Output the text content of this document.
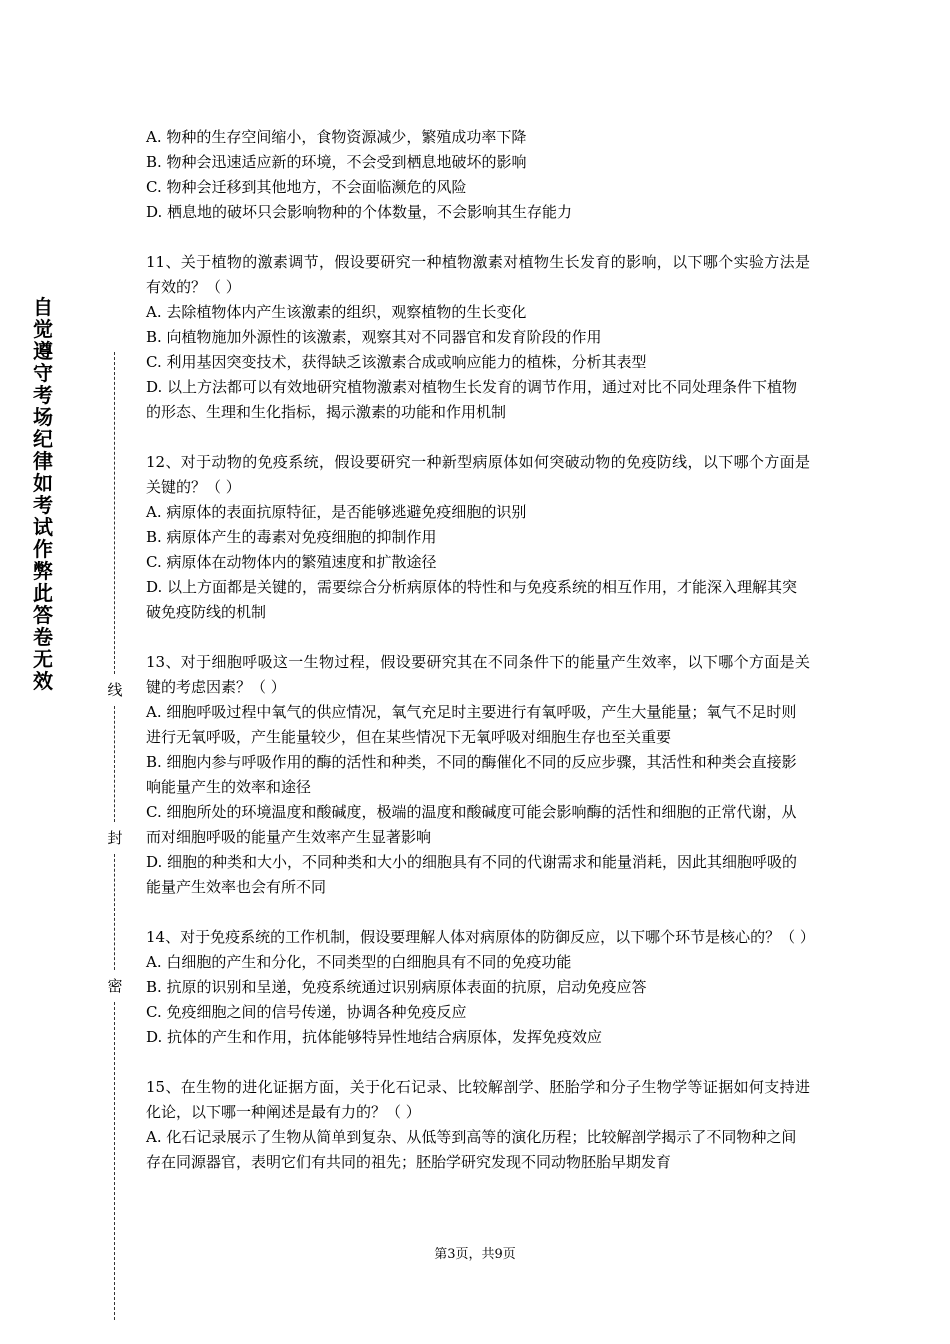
自觉遵守考场纪律如考试作弊此答卷无效	线
封
密

A. 物种的生存空间缩小，食物资源减少，繁殖成功率下降

B. 物种会迅速适应新的环境，不会受到栖息地破坏的影响

C. 物种会迁移到其他地方，不会面临濒危的风险

D. 栖息地的破坏只会影响物种的个体数量，不会影响其生存能力

11、关于植物的激素调节，假设要研究一种植物激素对植物生长发育的影响，以下哪个实验方法是有效的？（ ）

A. 去除植物体内产生该激素的组织，观察植物的生长变化

B. 向植物施加外源性的该激素，观察其对不同器官和发育阶段的作用

C. 利用基因突变技术，获得缺乏该激素合成或响应能力的植株，分析其表型

D. 以上方法都可以有效地研究植物激素对植物生长发育的调节作用，通过对比不同处理条件下植物的形态、生理和生化指标，揭示激素的功能和作用机制

12、对于动物的免疫系统，假设要研究一种新型病原体如何突破动物的免疫防线，以下哪个方面是关键的？（ ）

A. 病原体的表面抗原特征，是否能够逃避免疫细胞的识别

B. 病原体产生的毒素对免疫细胞的抑制作用

C. 病原体在动物体内的繁殖速度和扩散途径

D. 以上方面都是关键的，需要综合分析病原体的特性和与免疫系统的相互作用，才能深入理解其突破免疫防线的机制

13、对于细胞呼吸这一生物过程，假设要研究其在不同条件下的能量产生效率，以下哪个方面是关键的考虑因素？（ ）

A. 细胞呼吸过程中氧气的供应情况，氧气充足时主要进行有氧呼吸，产生大量能量；氧气不足时则进行无氧呼吸，产生能量较少，但在某些情况下无氧呼吸对细胞生存也至关重要

B. 细胞内参与呼吸作用的酶的活性和种类，不同的酶催化不同的反应步骤，其活性和种类会直接影响能量产生的效率和途径

C. 细胞所处的环境温度和酸碱度，极端的温度和酸碱度可能会影响酶的活性和细胞的正常代谢，从而对细胞呼吸的能量产生效率产生显著影响

D. 细胞的种类和大小，不同种类和大小的细胞具有不同的代谢需求和能量消耗，因此其细胞呼吸的能量产生效率也会有所不同

14、对于免疫系统的工作机制，假设要理解人体对病原体的防御反应，以下哪个环节是核心的？（ ）

A. 白细胞的产生和分化，不同类型的白细胞具有不同的免疫功能

B. 抗原的识别和呈递，免疫系统通过识别病原体表面的抗原，启动免疫应答

C. 免疫细胞之间的信号传递，协调各种免疫反应

D. 抗体的产生和作用，抗体能够特异性地结合病原体，发挥免疫效应

15、在生物的进化证据方面，关于化石记录、比较解剖学、胚胎学和分子生物学等证据如何支持进化论，以下哪一种阐述是最有力的？（ ）

A. 化石记录展示了生物从简单到复杂、从低等到高等的演化历程；比较解剖学揭示了不同物种之间存在同源器官，表明它们有共同的祖先；胚胎学研究发现不同动物胚胎早期发育

第3页，共9页
